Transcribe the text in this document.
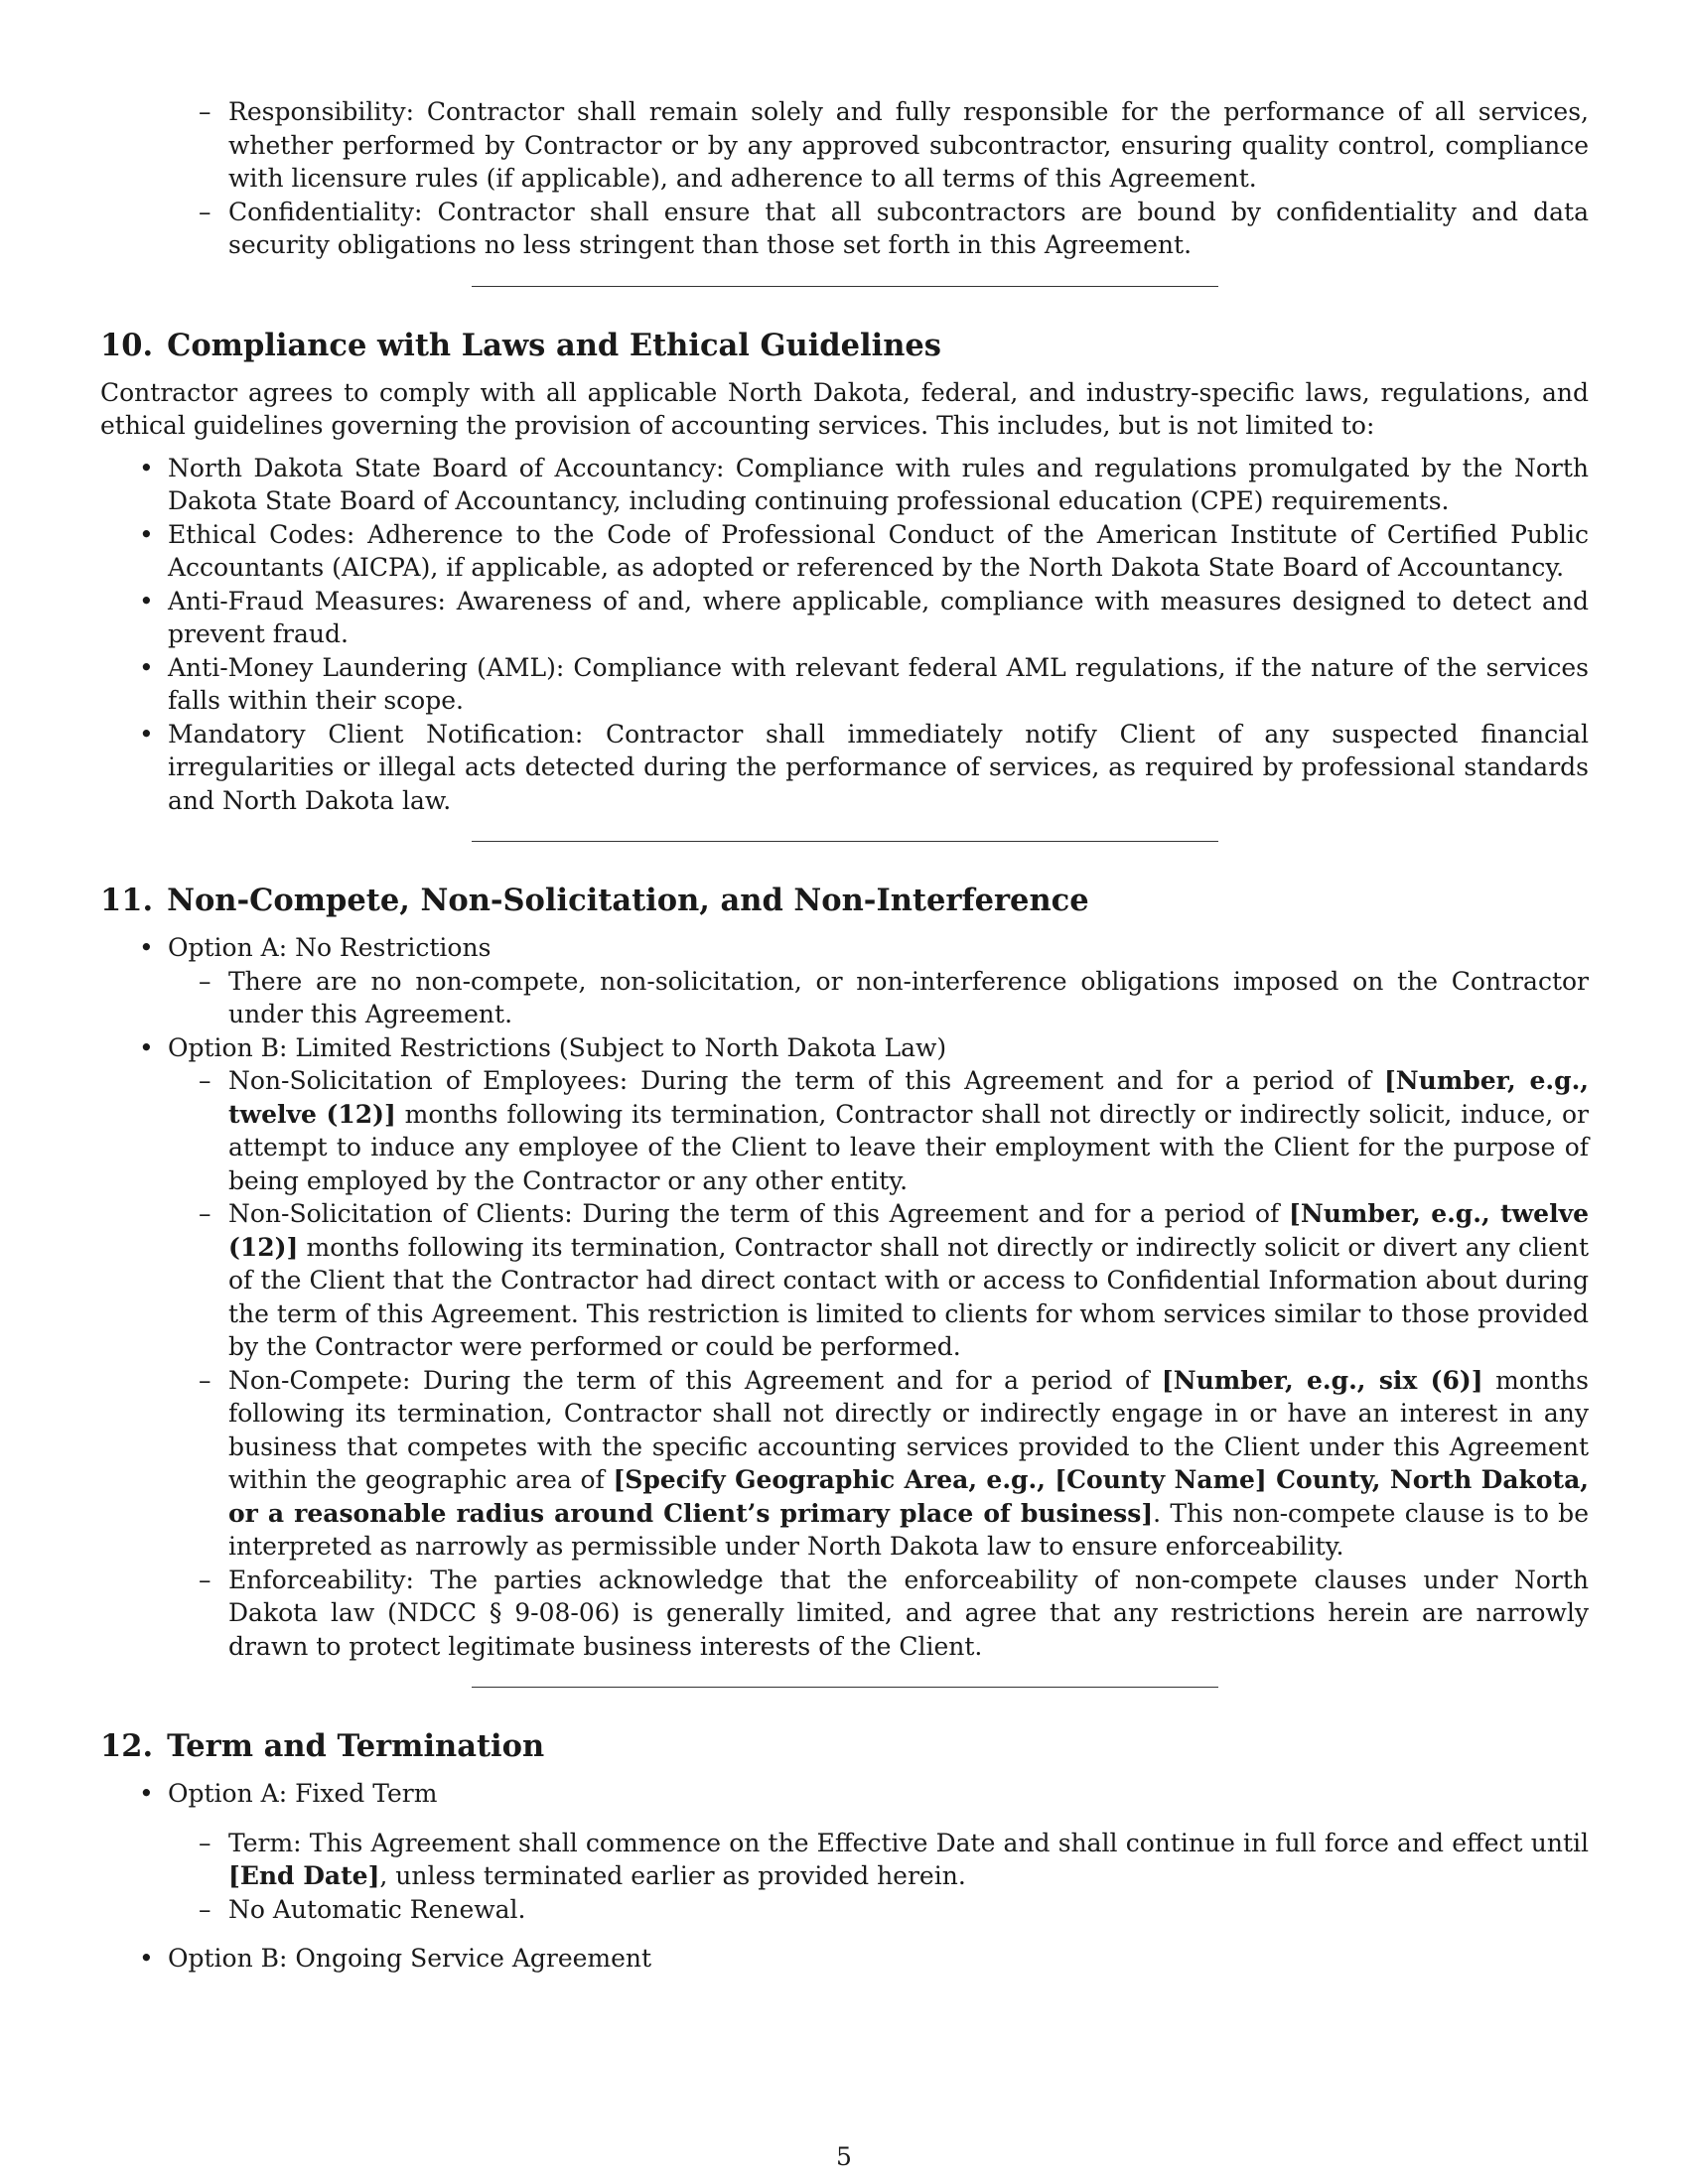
– Responsibility: Contractor shall remain solely and fully responsible for the performance of all services, whether performed by Contractor or by any approved subcontractor, ensuring quality control, compliance with licensure rules (if applicable), and adherence to all terms of this Agreement.
– Confidentiality: Contractor shall ensure that all subcontractors are bound by confidentiality and data security obligations no less stringent than those set forth in this Agreement.
10. Compliance with Laws and Ethical Guidelines

Contractor agrees to comply with all applicable North Dakota, federal, and industry-specific laws, regulations, and ethical guidelines governing the provision of accounting services. This includes, but is not limited to:

• North Dakota State Board of Accountancy: Compliance with rules and regulations promulgated by the North Dakota State Board of Accountancy, including continuing professional education (CPE) requirements.
• Ethical Codes: Adherence to the Code of Professional Conduct of the American Institute of Certified Public Accountants (AICPA), if applicable, as adopted or referenced by the North Dakota State Board of Accountancy.
• Anti-Fraud Measures: Awareness of and, where applicable, compliance with measures designed to detect and prevent fraud.
• Anti-Money Laundering (AML): Compliance with relevant federal AML regulations, if the nature of the services falls within their scope.
• Mandatory Client Notification: Contractor shall immediately notify Client of any suspected financial irregularities or illegal acts detected during the performance of services, as required by professional standards and North Dakota law.
11. Non-Compete, Non-Solicitation, and Non-Interference
• Option A: No Restrictions
– There are no non-compete, non-solicitation, or non-interference obligations imposed on the Contractor under this Agreement.
• Option B: Limited Restrictions (Subject to North Dakota Law)
– Non-Solicitation of Employees: During the term of this Agreement and for a period of [Number, e.g., twelve (12)] months following its termination, Contractor shall not directly or indirectly solicit, induce, or attempt to induce any employee of the Client to leave their employment with the Client for the purpose of being employed by the Contractor or any other entity.
– Non-Solicitation of Clients: During the term of this Agreement and for a period of [Number, e.g., twelve (12)] months following its termination, Contractor shall not directly or indirectly solicit or divert any client of the Client that the Contractor had direct contact with or access to Confidential Information about during the term of this Agreement. This restriction is limited to clients for whom services similar to those provided by the Contractor were performed or could be performed.
– Non-Compete: During the term of this Agreement and for a period of [Number, e.g., six (6)] months following its termination, Contractor shall not directly or indirectly engage in or have an interest in any business that competes with the specific accounting services provided to the Client under this Agreement within the geographic area of [Specify Geographic Area, e.g., [County Name] County, North Dakota, or a reasonable radius around Client’s primary place of business]. This non-compete clause is to be interpreted as narrowly as permissible under North Dakota law to ensure enforceability.
– Enforceability: The parties acknowledge that the enforceability of non-compete clauses under North Dakota law (NDCC § 9-08-06) is generally limited, and agree that any restrictions herein are narrowly drawn to protect legitimate business interests of the Client.
12. Term and Termination
• Option A: Fixed Term
– Term: This Agreement shall commence on the Effective Date and shall continue in full force and effect until [End Date], unless terminated earlier as provided herein.
– No Automatic Renewal.
• Option B: Ongoing Service Agreement
5
